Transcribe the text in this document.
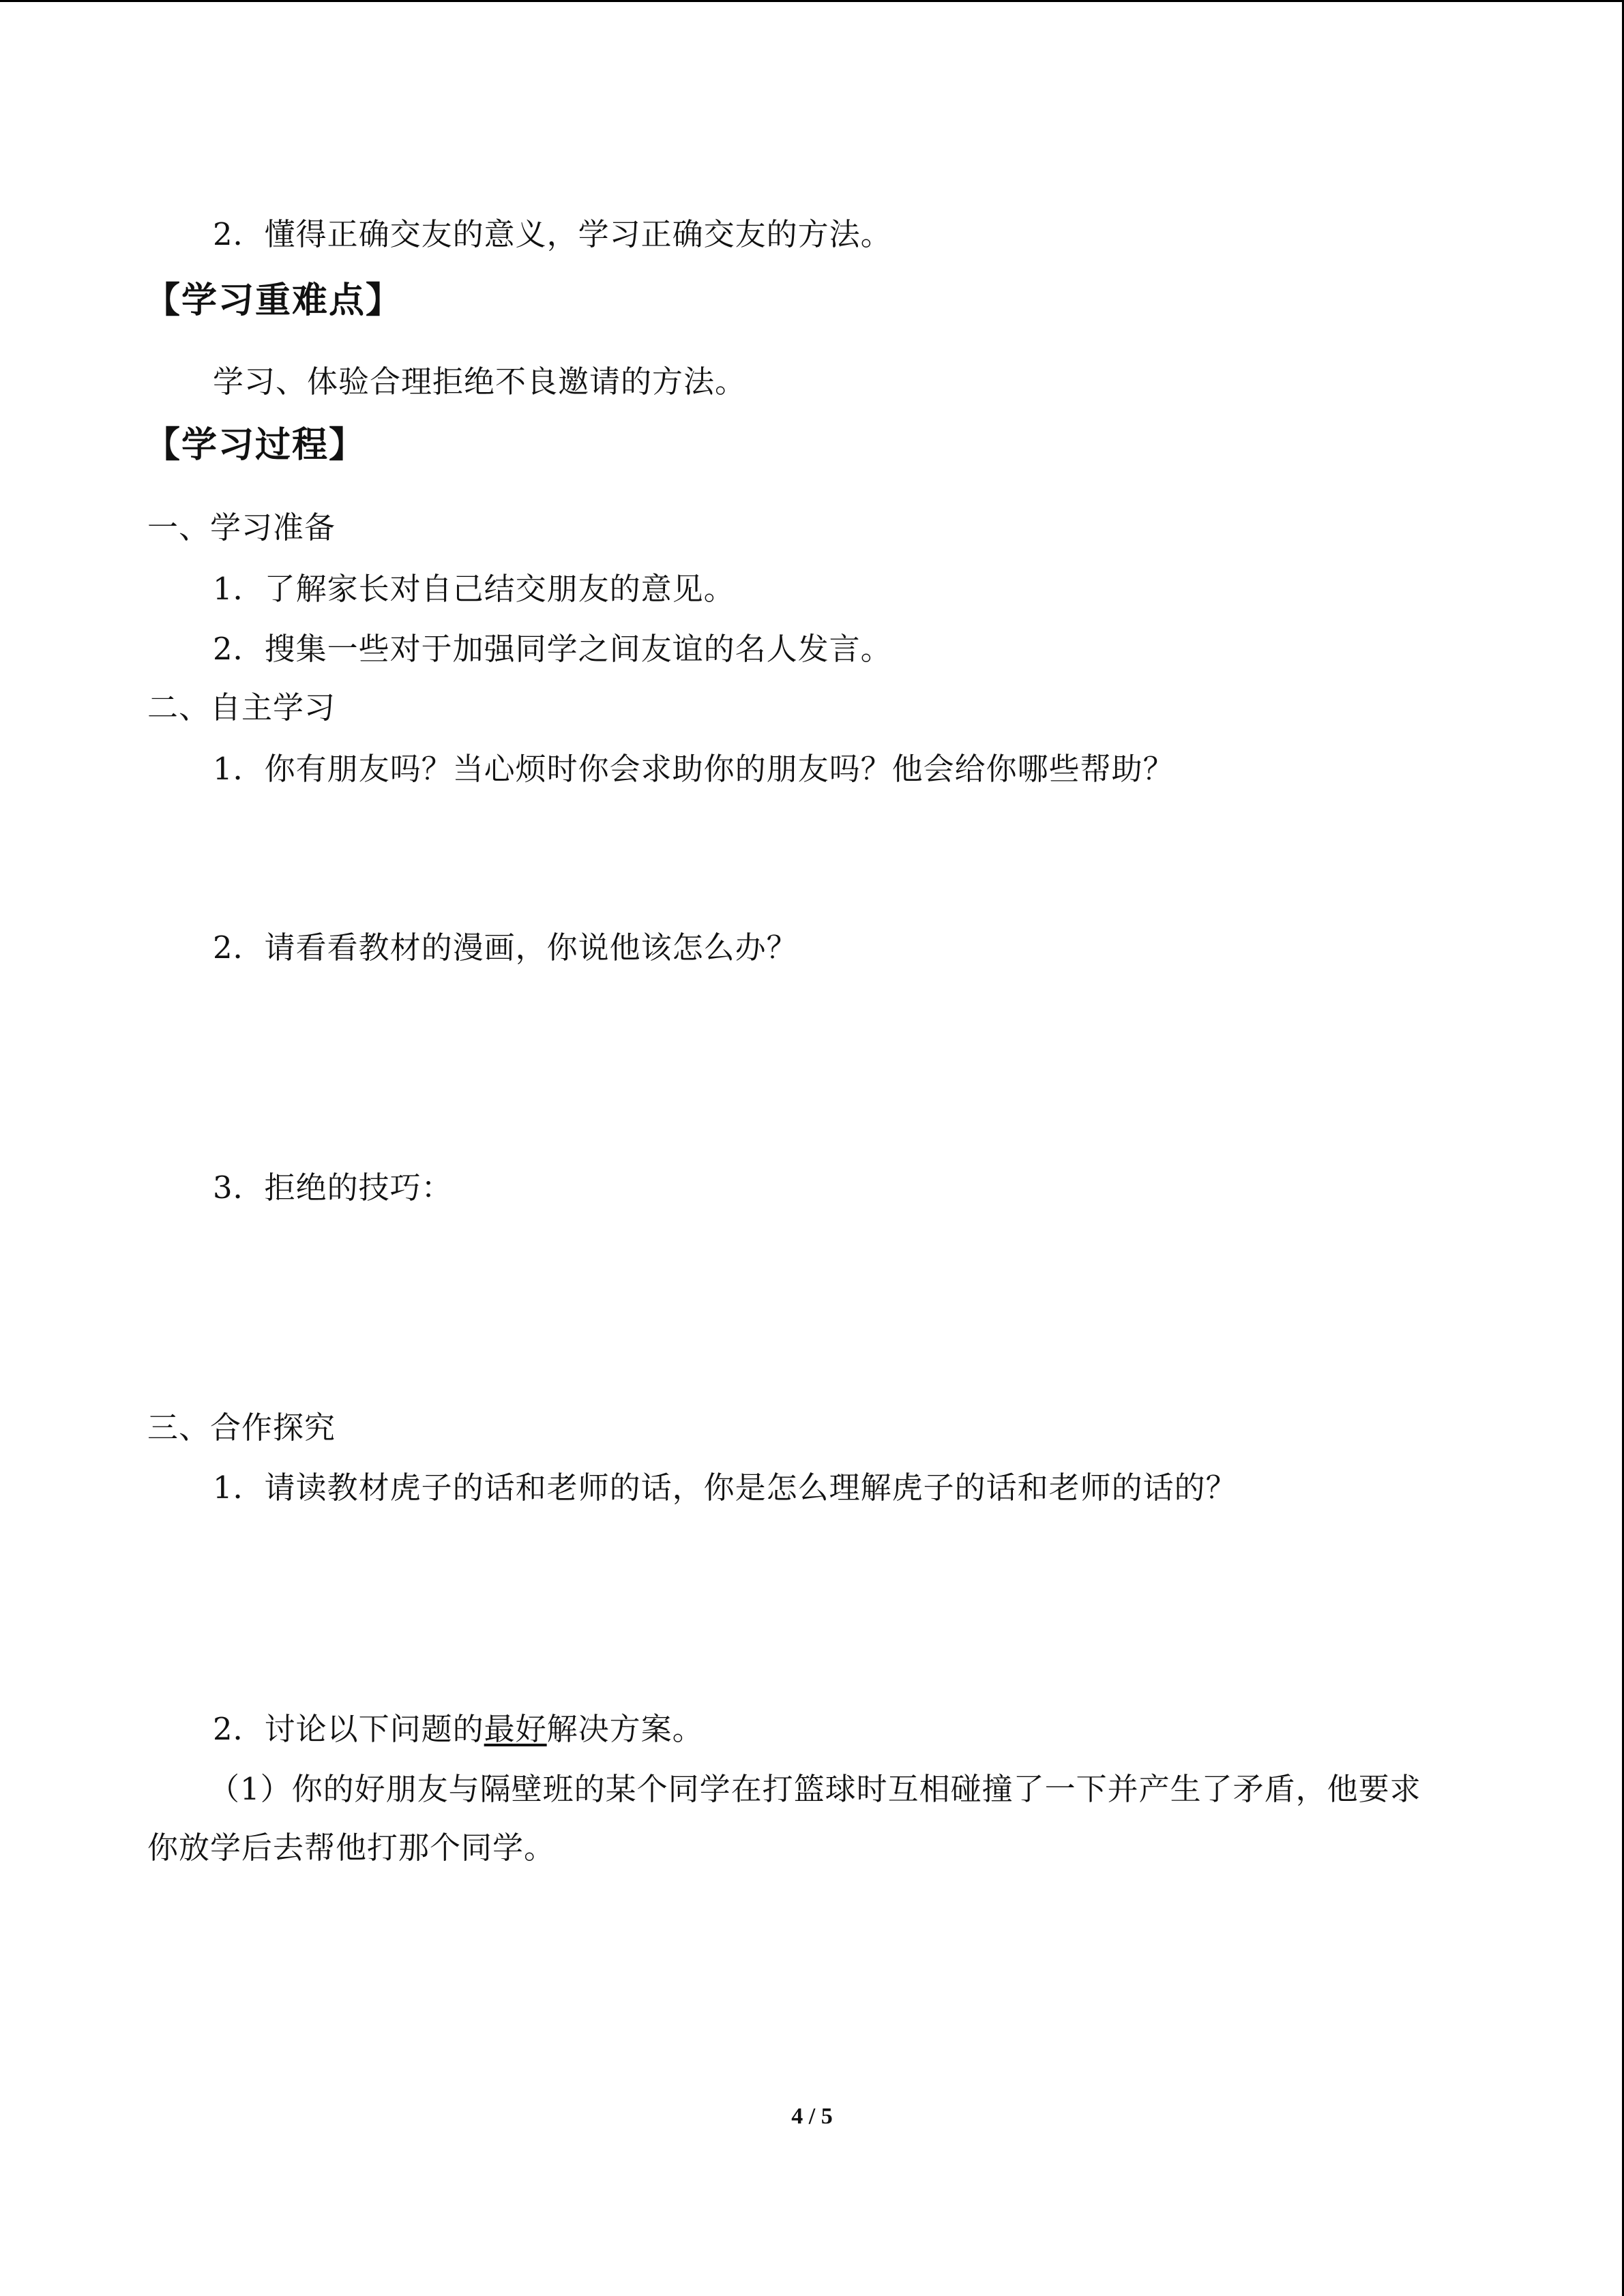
2．懂得正确交友的意义，学习正确交友的方法。
【学习重难点】
学习、体验合理拒绝不良邀请的方法。
【学习过程】
一、学习准备
1．了解家长对自己结交朋友的意见。
2．搜集一些对于加强同学之间友谊的名人发言。
二、自主学习
1．你有朋友吗？当心烦时你会求助你的朋友吗？他会给你哪些帮助？
2．请看看教材的漫画，你说他该怎么办？
3．拒绝的技巧：
三、合作探究
1．请读教材虎子的话和老师的话，你是怎么理解虎子的话和老师的话的？
2．讨论以下问题的最好解决方案。
（1）你的好朋友与隔壁班的某个同学在打篮球时互相碰撞了一下并产生了矛盾，他要求
你放学后去帮他打那个同学。
4 / 5
